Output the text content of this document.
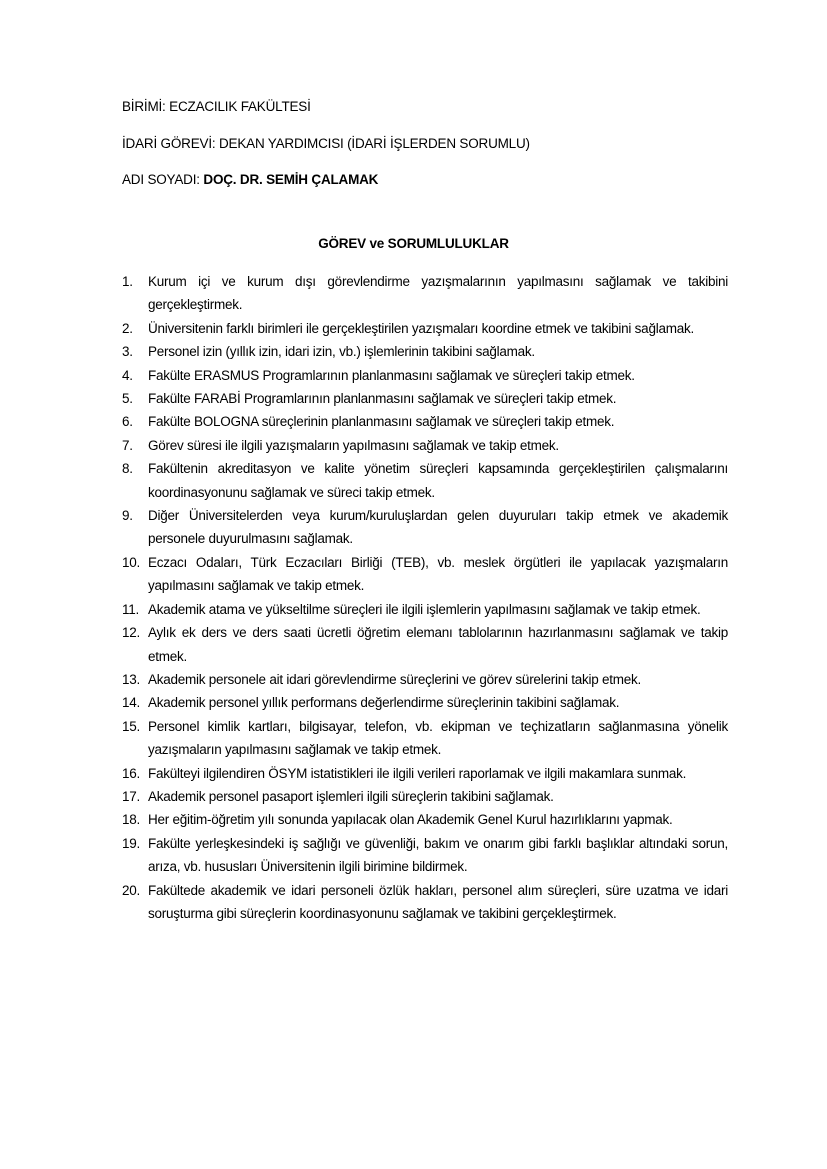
BİRİMİ: ECZACILIK FAKÜLTESİ
İDARİ GÖREVİ: DEKAN YARDIMCISI (İDARİ İŞLERDEN SORUMLU)
ADI SOYADI: DOÇ. DR. SEMİH ÇALAMAK
GÖREV ve SORUMLULUKLAR
1. Kurum içi ve kurum dışı görevlendirme yazışmalarının yapılmasını sağlamak ve takibini gerçekleştirmek.
2. Üniversitenin farklı birimleri ile gerçekleştirilen yazışmaları koordine etmek ve takibini sağlamak.
3. Personel izin (yıllık izin, idari izin, vb.) işlemlerinin takibini sağlamak.
4. Fakülte ERASMUS Programlarının planlanmasını sağlamak ve süreçleri takip etmek.
5. Fakülte FARABİ Programlarının planlanmasını sağlamak ve süreçleri takip etmek.
6. Fakülte BOLOGNA süreçlerinin planlanmasını sağlamak ve süreçleri takip etmek.
7. Görev süresi ile ilgili yazışmaların yapılmasını sağlamak ve takip etmek.
8. Fakültenin akreditasyon ve kalite yönetim süreçleri kapsamında gerçekleştirilen çalışmalarını koordinasyonunu sağlamak ve süreci takip etmek.
9. Diğer Üniversitelerden veya kurum/kuruluşlardan gelen duyuruları takip etmek ve akademik personele duyurulmasını sağlamak.
10. Eczacı Odaları, Türk Eczacıları Birliği (TEB), vb. meslek örgütleri ile yapılacak yazışmaların yapılmasını sağlamak ve takip etmek.
11. Akademik atama ve yükseltilme süreçleri ile ilgili işlemlerin yapılmasını sağlamak ve takip etmek.
12. Aylık ek ders ve ders saati ücretli öğretim elemanı tablolarının hazırlanmasını sağlamak ve takip etmek.
13. Akademik personele ait idari görevlendirme süreçlerini ve görev sürelerini takip etmek.
14. Akademik personel yıllık performans değerlendirme süreçlerinin takibini sağlamak.
15. Personel kimlik kartları, bilgisayar, telefon, vb. ekipman ve teçhizatların sağlanmasına yönelik yazışmaların yapılmasını sağlamak ve takip etmek.
16. Fakülteyi ilgilendiren ÖSYM istatistikleri ile ilgili verileri raporlamak ve ilgili makamlara sunmak.
17. Akademik personel pasaport işlemleri ilgili süreçlerin takibini sağlamak.
18. Her eğitim-öğretim yılı sonunda yapılacak olan Akademik Genel Kurul hazırlıklarını yapmak.
19. Fakülte yerleşkesindeki iş sağlığı ve güvenliği, bakım ve onarım gibi farklı başlıklar altındaki sorun, arıza, vb. hususları Üniversitenin ilgili birimine bildirmek.
20. Fakültede akademik ve idari personeli özlük hakları, personel alım süreçleri, süre uzatma ve idari soruşturma gibi süreçlerin koordinasyonunu sağlamak ve takibini gerçekleştirmek.
